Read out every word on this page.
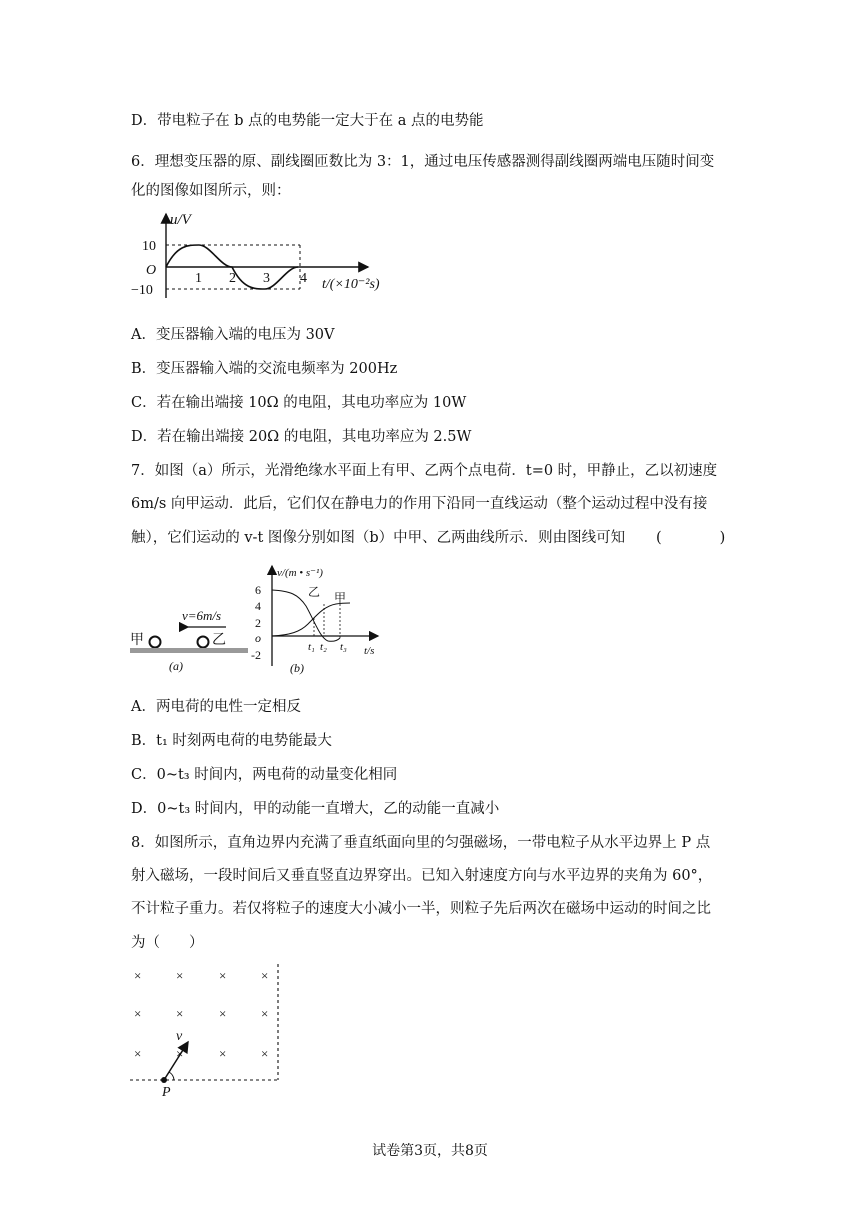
D．带电粒子在 b 点的电势能一定大于在 a 点的电势能
6．理想变压器的原、副线圈匝数比为 3：1，通过电压传感器测得副线圈两端电压随时间变
化的图像如图所示，则：
u/V
10
O
−10
1 2 3 4 t/(×10⁻²s)
A．变压器输入端的电压为 30V
B．变压器输入端的交流电频率为 200Hz
C．若在输出端接 10Ω 的电阻，其电功率应为 10W
D．若在输出端接 20Ω 的电阻，其电功率应为 2.5W
7．如图（a）所示，光滑绝缘水平面上有甲、乙两个点电荷．t=0 时，甲静止，乙以初速度
6m/s 向甲运动．此后，它们仅在静电力的作用下沿同一直线运动（整个运动过程中没有接
触），它们运动的 v-t 图像分别如图（b）中甲、乙两曲线所示．则由图线可知 (　　　　)
v=6m/s
甲	乙
(a)
v/(m • s⁻¹)
6
4
2
o
-2
乙 甲
t₁ t₂ t₃ t/s
(b)
A．两电荷的电性一定相反
B．t₁ 时刻两电荷的电势能最大
C．0~t₃ 时间内，两电荷的动量变化相同
D．0~t₃ 时间内，甲的动能一直增大，乙的动能一直减小
8．如图所示，直角边界内充满了垂直纸面向里的匀强磁场，一带电粒子从水平边界上 P 点
射入磁场，一段时间后又垂直竖直边界穿出。已知入射速度方向与水平边界的夹角为 60°，
不计粒子重力。若仅将粒子的速度大小减小一半，则粒子先后两次在磁场中运动的时间之比
为（　　）
×	×	×	×
×	×	×	×
×	×	×	×
v
P
试卷第3页，共8页
